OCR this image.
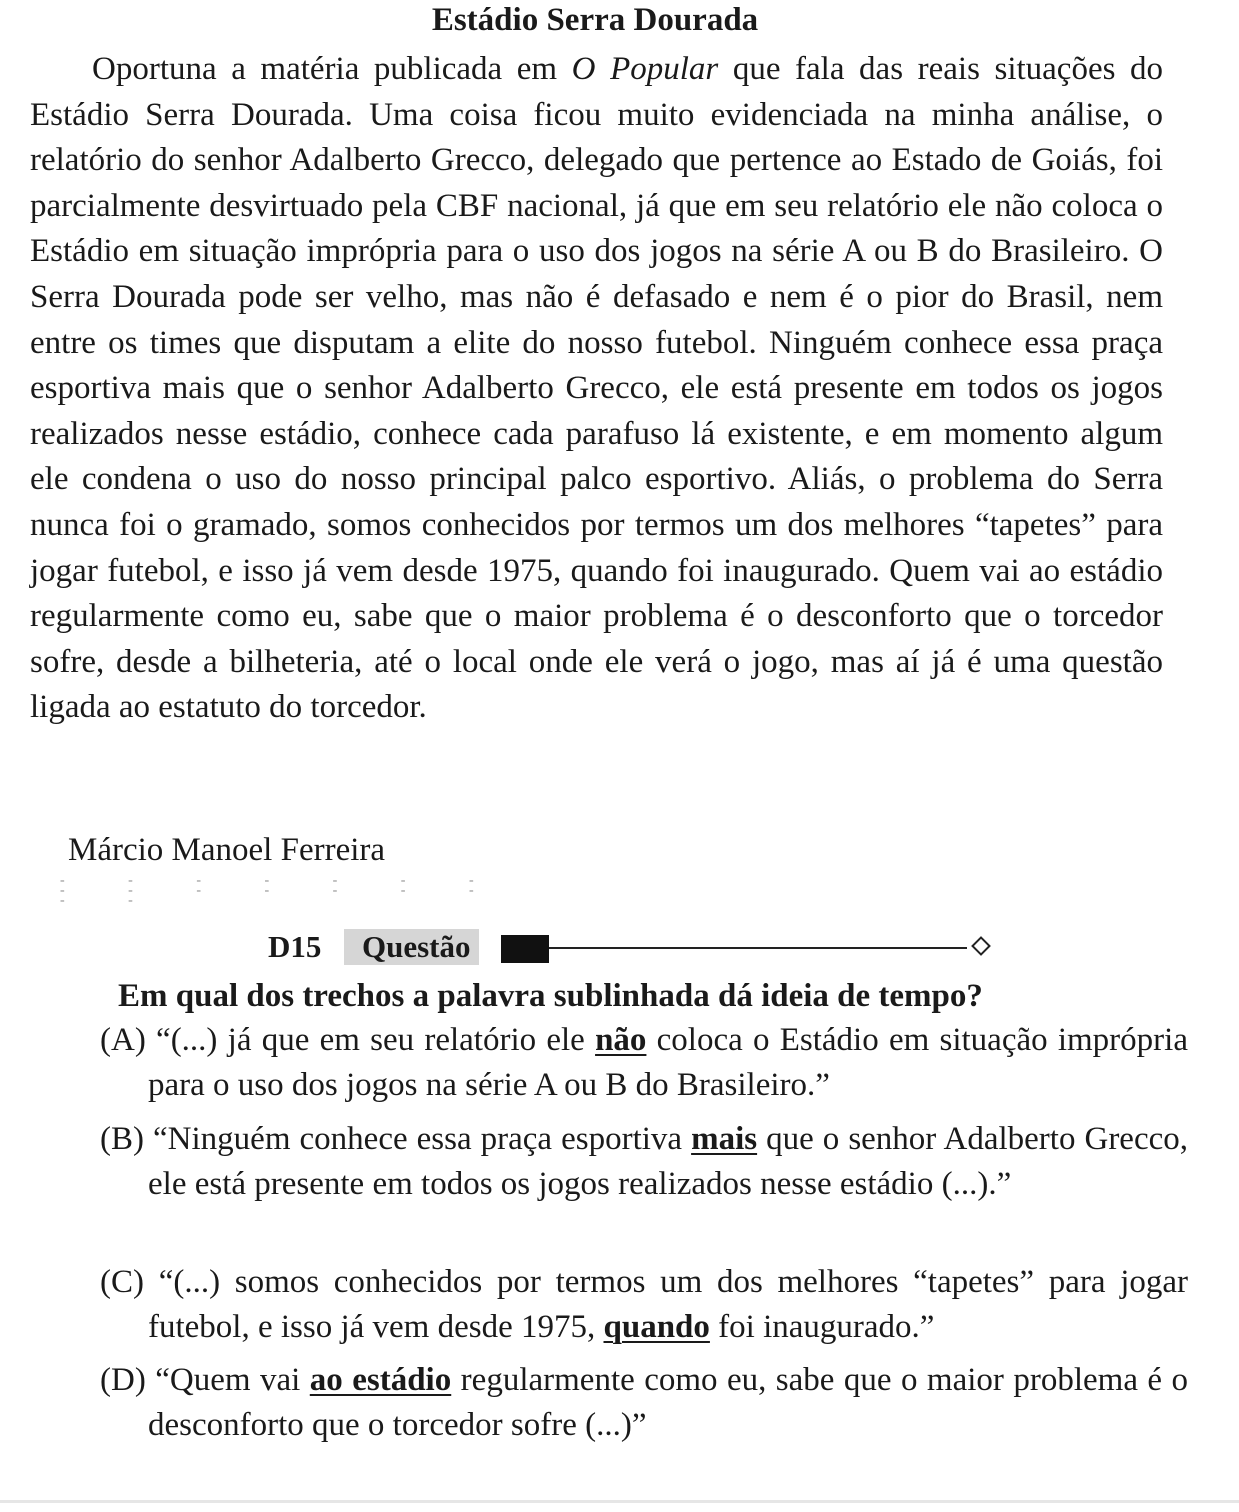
Estádio Serra Dourada

Oportuna a matéria publicada em O Popular que fala das reais situações do Estádio Serra Dourada. Uma coisa ficou muito evidenciada na minha análise, o relatório do senhor Adalberto Grecco, delegado que pertence ao Estado de Goiás, foi parcialmente desvirtuado pela CBF nacional, já que em seu relatório ele não coloca o Estádio em situação imprópria para o uso dos jogos na série A ou B do Brasileiro. O Serra Dourada pode ser velho, mas não é defasado e nem é o pior do Brasil, nem entre os times que disputam a elite do nosso futebol. Ninguém conhece essa praça esportiva mais que o senhor Adalberto Grecco, ele está presente em todos os jogos realizados nesse estádio, conhece cada parafuso lá existente, e em momento algum ele condena o uso do nosso principal palco esportivo. Aliás, o problema do Serra nunca foi o gramado, somos conhecidos por termos um dos melhores “tapetes” para jogar futebol, e isso já vem desde 1975, quando foi inaugurado. Quem vai ao estádio regularmente como eu, sabe que o maior problema é o desconforto que o torcedor sofre, desde a bilheteria, até o local onde ele verá o jogo, mas aí já é uma questão ligada ao estatuto do torcedor.

Márcio Manoel Ferreira
- - - - - - - - - - - - - - - -
D15	Questão
Em qual dos trechos a palavra sublinhada dá ideia de tempo?
(A) “(...) já que em seu relatório ele não coloca o Estádio em situação imprópria para o uso dos jogos na série A ou B do Brasileiro.”
(B) “Ninguém conhece essa praça esportiva mais que o senhor Adalberto Grecco, ele está presente em todos os jogos realizados nesse estádio (...).”
(C) “(...) somos conhecidos por termos um dos melhores “tapetes” para jogar futebol, e isso já vem desde 1975, quando foi inaugurado.”
(D) “Quem vai ao estádio regularmente como eu, sabe que o maior problema é o desconforto que o torcedor sofre (...)”
